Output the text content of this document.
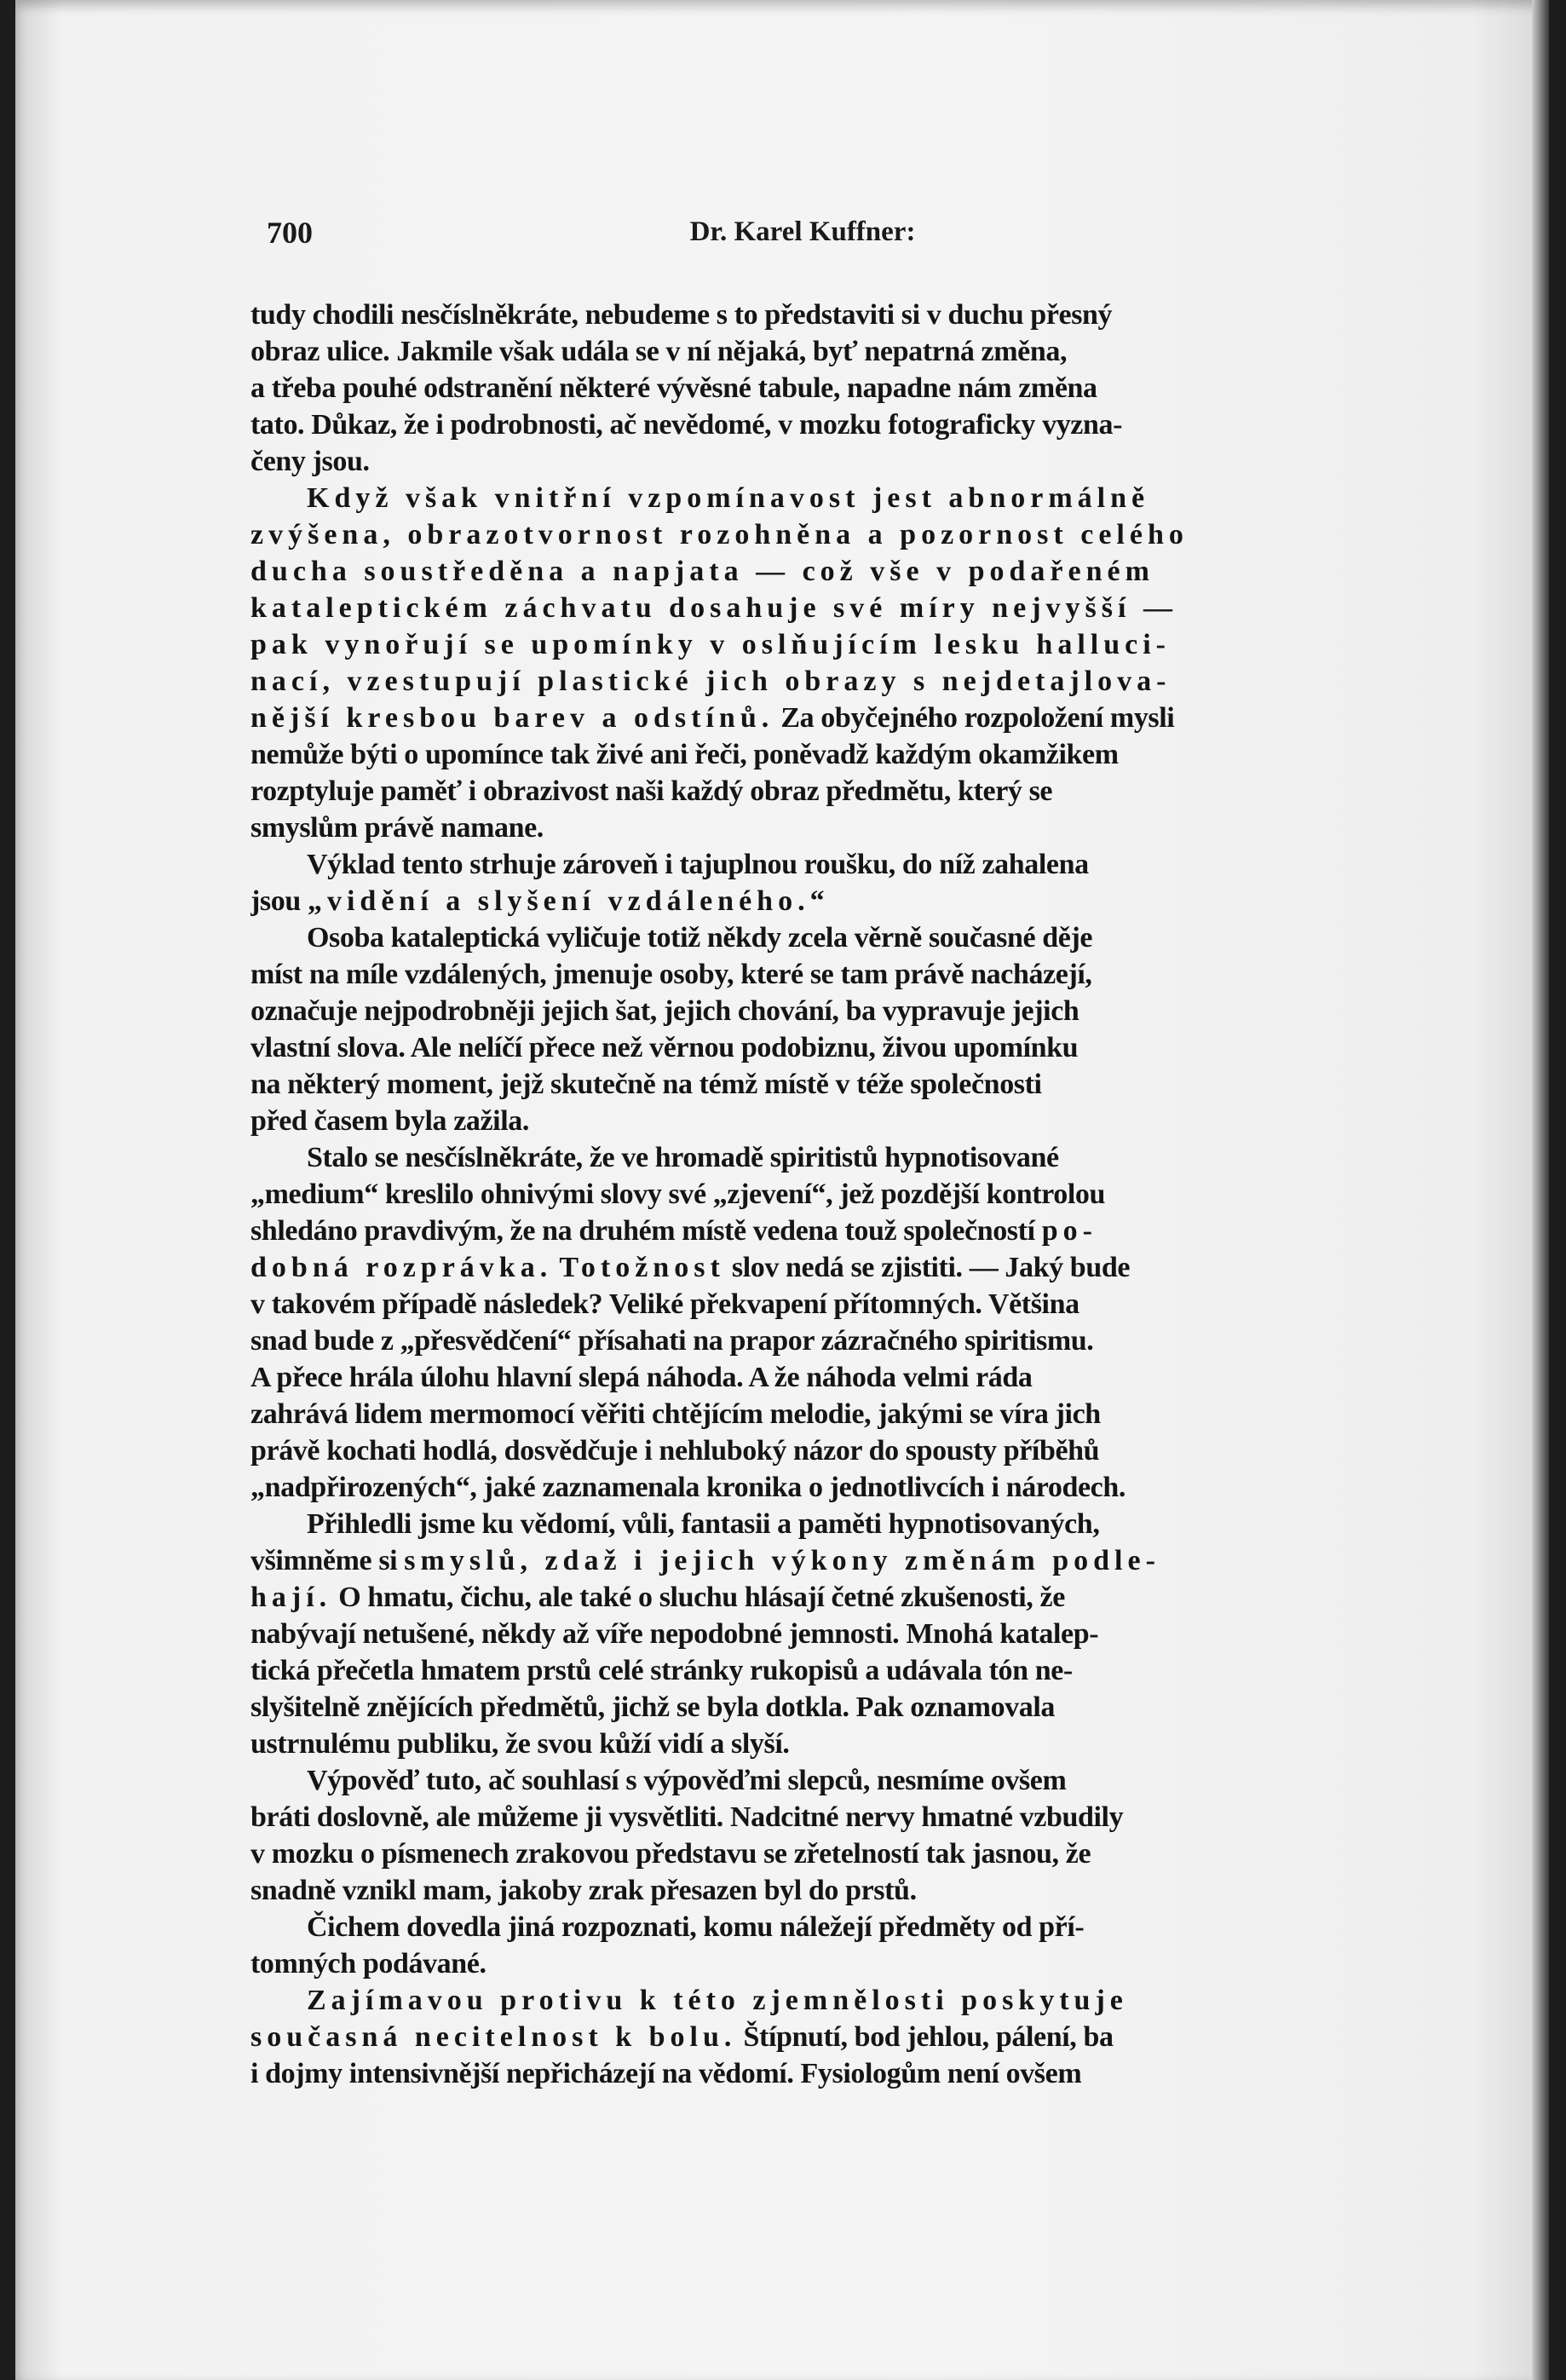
700	Dr. Karel Kuffner:

tudy chodili nesčíslněkráte, nebudeme s to představiti si v duchu přesný
obraz ulice. Jakmile však udála se v ní nějaká, byť nepatrná změna,
a třeba pouhé odstranění některé vývěsné tabule, napadne nám změna
tato. Důkaz, že i podrobnosti, ač nevědomé, v mozku fotograficky vyzna-
čeny jsou.

Když však vnitřní vzpomínavost jest abnormálně
zvýšena, obrazotvornost rozohněna a pozornost celého
ducha soustředěna a napjata — což vše v podařeném
kataleptickém záchvatu dosahuje své míry nejvyšší —
pak vynořují se upomínky v oslňujícím lesku halluci-
nací, vzestupují plastické jich obrazy s nejdetajlova-
nější kresbou barev a odstínů. Za obyčejného rozpoložení mysli
nemůže býti o upomínce tak živé ani řeči, poněvadž každým okamžikem
rozptyluje paměť i obrazivost naši každý obraz předmětu, který se
smyslům právě namane.

Výklad tento strhuje zároveň i tajuplnou roušku, do níž zahalena
jsou „vidění a slyšení vzdáleného.“

Osoba kataleptická vyličuje totiž někdy zcela věrně současné děje
míst na míle vzdálených, jmenuje osoby, které se tam právě nacházejí,
označuje nejpodrobněji jejich šat, jejich chování, ba vypravuje jejich
vlastní slova. Ale nelíčí přece než věrnou podobiznu, živou upomínku
na některý moment, jejž skutečně na témž místě v téže společnosti
před časem byla zažila.

Stalo se nesčíslněkráte, že ve hromadě spiritistů hypnotisované
„medium“ kreslilo ohnivými slovy své „zjevení“, jež pozdější kontrolou
shledáno pravdivým, že na druhém místě vedena touž společností po-
dobná rozprávka. Totožnost slov nedá se zjistiti. — Jaký bude
v takovém případě následek? Veliké překvapení přítomných. Většina
snad bude z „přesvědčení“ přísahati na prapor zázračného spiritismu.
A přece hrála úlohu hlavní slepá náhoda. A že náhoda velmi ráda
zahrává lidem mermomocí věřiti chtějícím melodie, jakými se víra jich
právě kochati hodlá, dosvědčuje i nehluboký názor do spousty příběhů
„nadpřirozených“, jaké zaznamenala kronika o jednotlivcích i národech.

Přihledli jsme ku vědomí, vůli, fantasii a paměti hypnotisovaných,
všimněme si smyslů, zdaž i jejich výkony změnám podle-
hají. O hmatu, čichu, ale také o sluchu hlásají četné zkušenosti, že
nabývají netušené, někdy až víře nepodobné jemnosti. Mnohá katalep-
tická přečetla hmatem prstů celé stránky rukopisů a udávala tón ne-
slyšitelně znějících předmětů, jichž se byla dotkla. Pak oznamovala
ustrnulému publiku, že svou kůží vidí a slyší.

Výpověď tuto, ač souhlasí s výpověďmi slepců, nesmíme ovšem
bráti doslovně, ale můžeme ji vysvětliti. Nadcitné nervy hmatné vzbudily
v mozku o písmenech zrakovou představu se zřetelností tak jasnou, že
snadně vznikl mam, jakoby zrak přesazen byl do prstů.

Čichem dovedla jiná rozpoznati, komu náležejí předměty od pří-
tomných podávané.

Zajímavou protivu k této zjemnělosti poskytuje
současná necitelnost k bolu. Štípnutí, bod jehlou, pálení, ba
i dojmy intensivnější nepřicházejí na vědomí. Fysiologům není ovšem
